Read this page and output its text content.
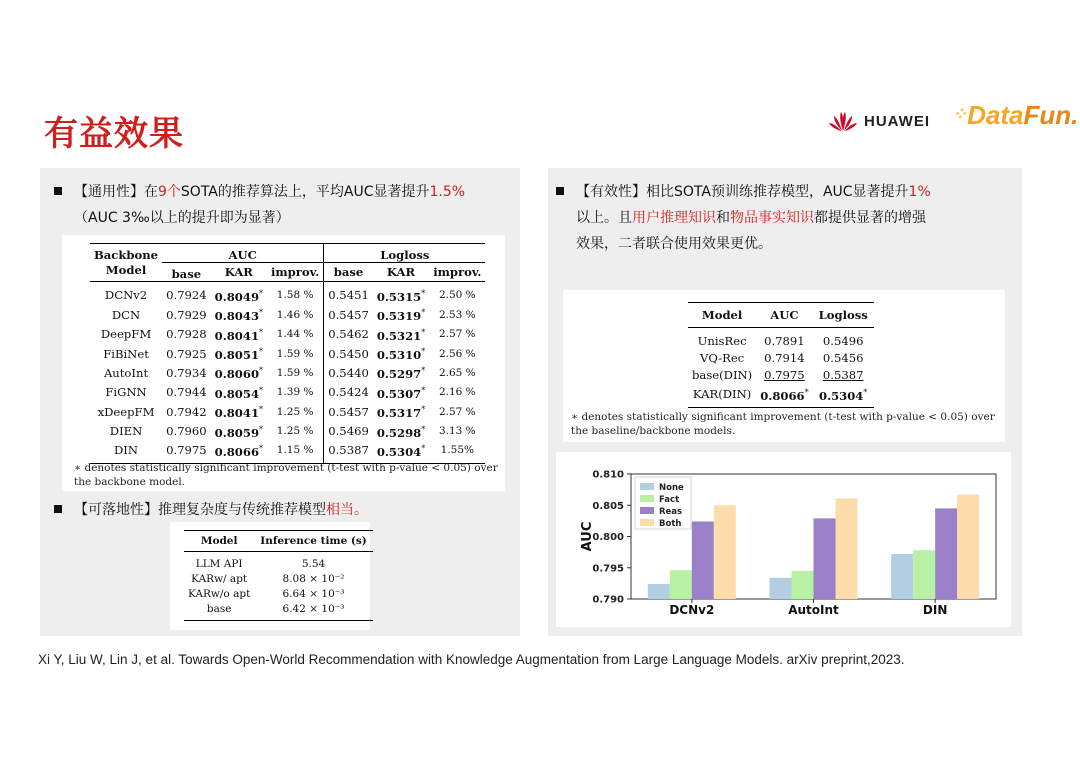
有益效果	HUAWEI ⁘DataFun.
【通用性】在9个SOTA的推荐算法上，平均AUC显著提升1.5%
（AUC 3‰以上的提升即为显著）
Backbone	AUC			Logloss		
Model	base	KAR	improv.	base	KAR	improv.
DCNv2	0.7924	0.8049*	1.58 %	0.5451	0.5315*	2.50 %
DCN	0.7929	0.8043*	1.46 %	0.5457	0.5319*	2.53 %
DeepFM	0.7928	0.8041*	1.44 %	0.5462	0.5321*	2.57 %
FiBiNet	0.7925	0.8051*	1.59 %	0.5450	0.5310*	2.56 %
AutoInt	0.7934	0.8060*	1.59 %	0.5440	0.5297*	2.65 %
FiGNN	0.7944	0.8054*	1.39 %	0.5424	0.5307*	2.16 %
xDeepFM	0.7942	0.8041*	1.25 %	0.5457	0.5317*	2.57 %
DIEN	0.7960	0.8059*	1.25 %	0.5469	0.5298*	3.13 %
DIN	0.7975	0.8066*	1.15 %	0.5387	0.5304*	1.55%
∗ denotes statistically significant improvement (t-test with p-value < 0.05) over the backbone model.
【可落地性】推理复杂度与传统推荐模型相当。
Model	Inference time (s)
LLM API	5.54
KARw/ apt	8.08 × 10⁻²
KARw/o apt	6.64 × 10⁻³
base	6.42 × 10⁻³
【有效性】相比SOTA预训练推荐模型，AUC显著提升1%
以上。且用户推理知识和物品事实知识都提供显著的增强
效果，二者联合使用效果更优。
Model	AUC	Logloss
UnisRec	0.7891	0.5496
VQ-Rec	0.7914	0.5456
base(DIN)	0.7975	0.5387
KAR(DIN)	0.8066*	0.5304*
∗ denotes statistically significant improvement (t-test with p-value < 0.05) over the baseline/backbone models.
0.790
0.795
0.800
0.805
0.810
AUC
DCNv2	AutoInt	DIN
None
Fact
Reas
Both
Xi Y, Liu W, Lin J, et al. Towards Open-World Recommendation with Knowledge Augmentation from Large Language Models. arXiv preprint,2023.
